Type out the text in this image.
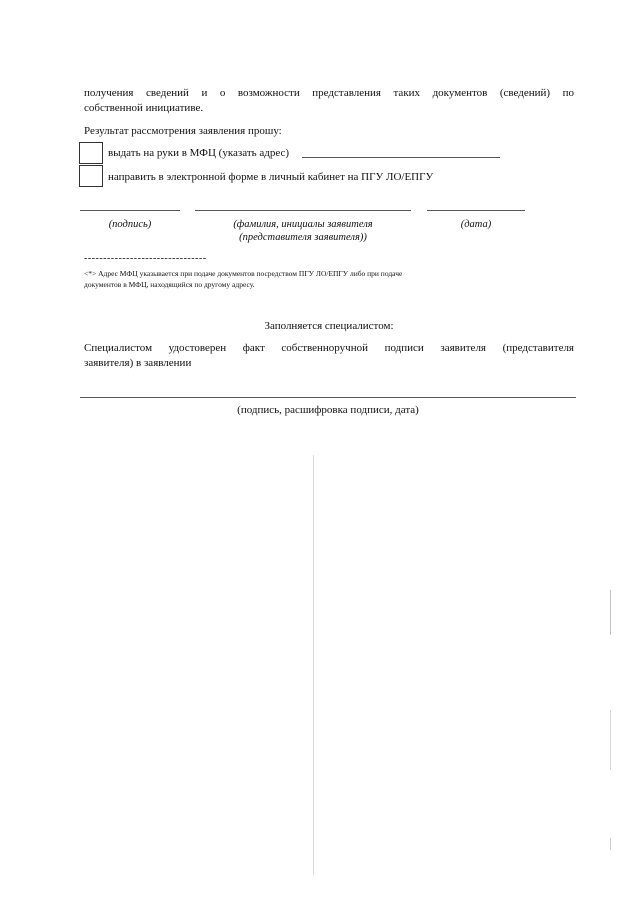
получения сведений и о возможности представления таких документов (сведений) по
собственной инициативе.
Результат рассмотрения заявления прошу:
выдать на руки в МФЦ (указать адрес)
направить в электронной форме в личный кабинет на ПГУ ЛО/ЕПГУ
(подпись)	(фамилия, инициалы заявителя
(представителя заявителя))
(дата)
--------------------------------
<*> Адрес МФЦ указывается при подаче документов посредством ПГУ ЛО/ЕПГУ либо при подаче
документов в МФЦ, находящийся по другому адресу.
Заполняется специалистом:
Специалистом удостоверен факт собственноручной подписи заявителя (представителя
заявителя) в заявлении
(подпись, расшифровка подписи, дата)
